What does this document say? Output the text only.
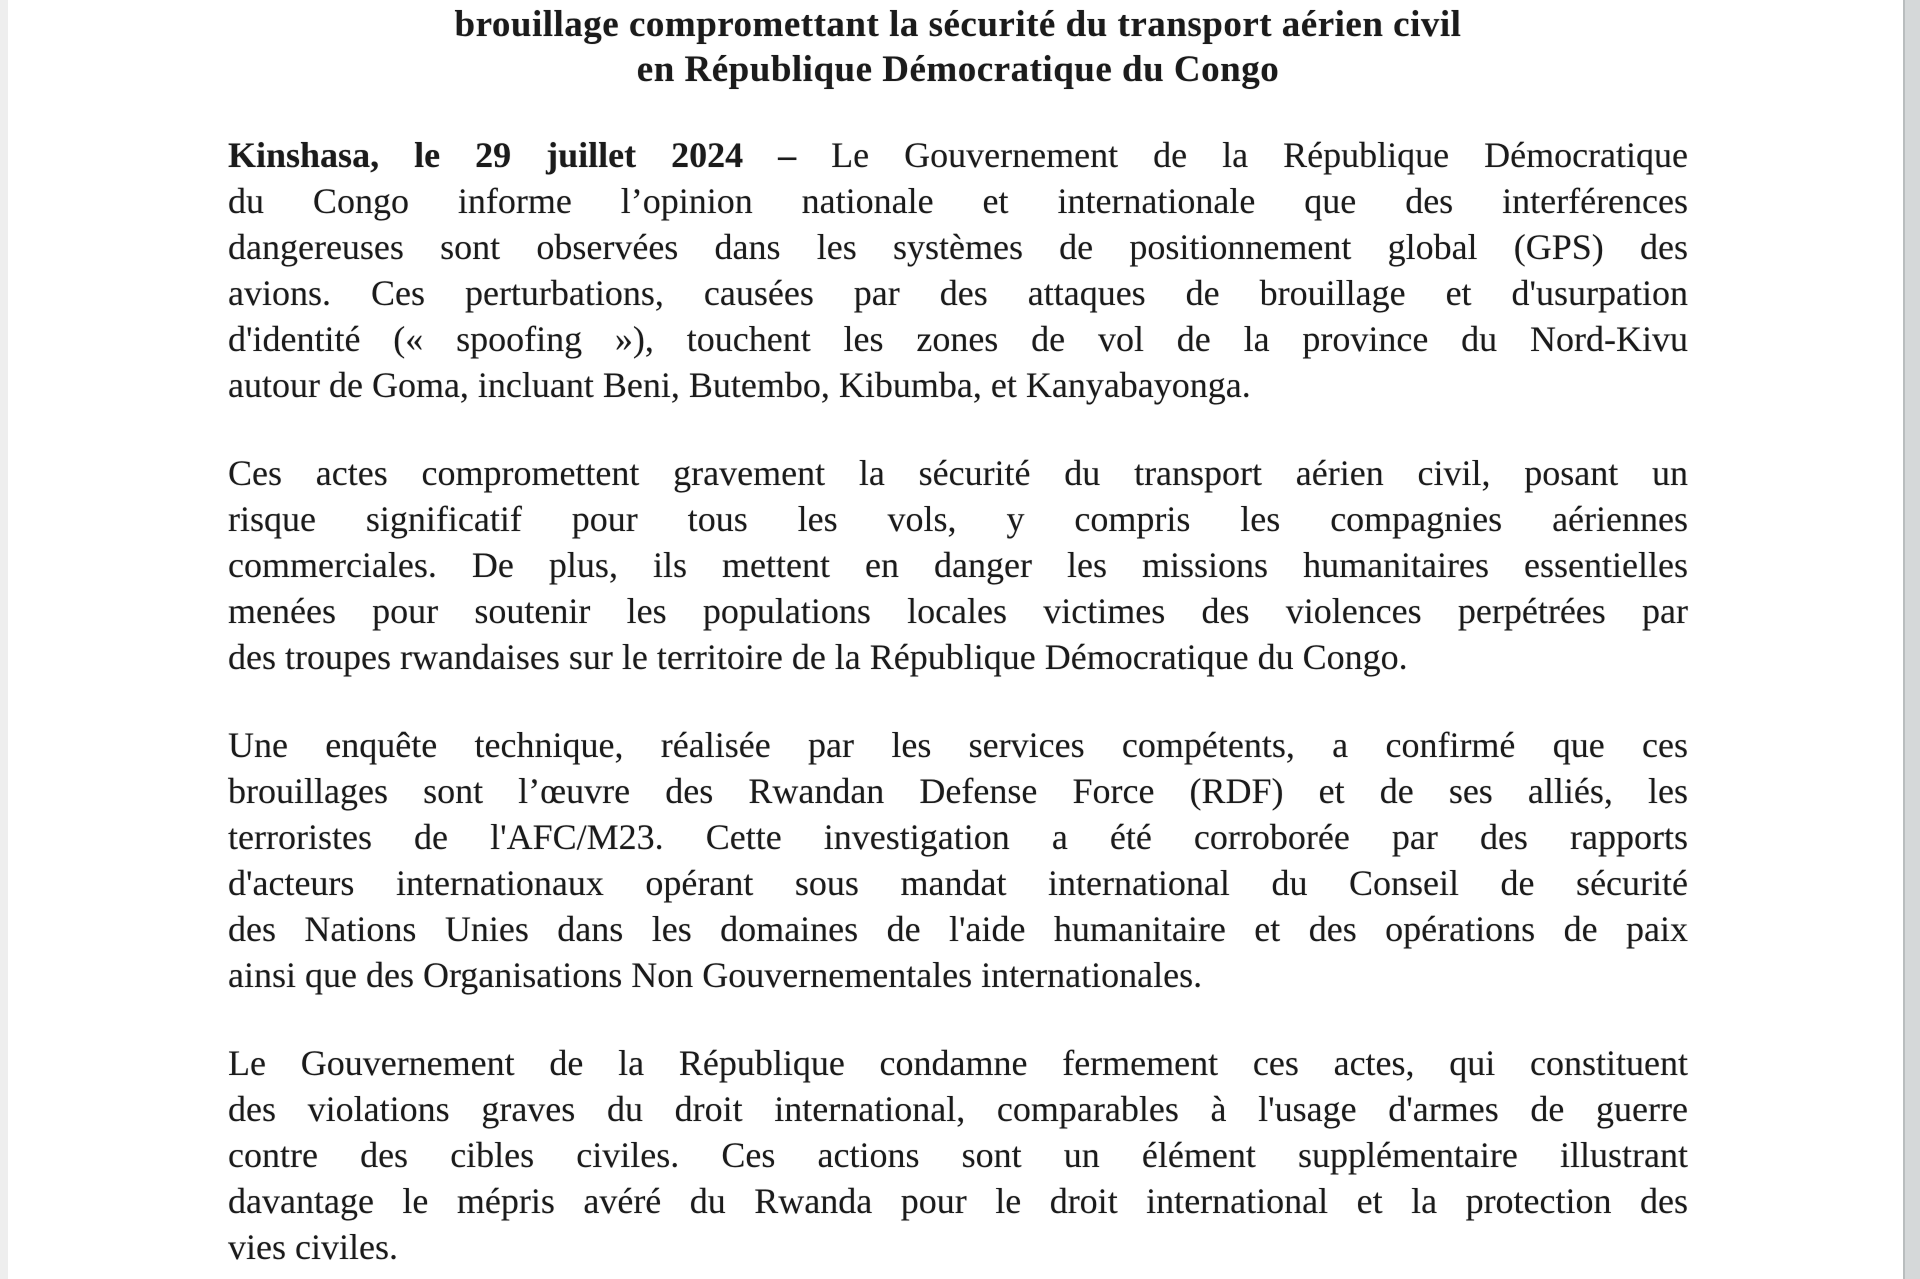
brouillage compromettant la sécurité du transport aérien civil
en République Démocratique du Congo
Kinshasa, le 29 juillet 2024 – Le Gouvernement de la République Démocratique
du Congo informe l’opinion nationale et internationale que des interférences
dangereuses sont observées dans les systèmes de positionnement global (GPS) des
avions. Ces perturbations, causées par des attaques de brouillage et d'usurpation
d'identité (« spoofing »), touchent les zones de vol de la province du Nord-Kivu
autour de Goma, incluant Beni, Butembo, Kibumba, et Kanyabayonga.
Ces actes compromettent gravement la sécurité du transport aérien civil, posant un
risque significatif pour tous les vols, y compris les compagnies aériennes
commerciales. De plus, ils mettent en danger les missions humanitaires essentielles
menées pour soutenir les populations locales victimes des violences perpétrées par
des troupes rwandaises sur le territoire de la République Démocratique du Congo.
Une enquête technique, réalisée par les services compétents, a confirmé que ces
brouillages sont l’œuvre des Rwandan Defense Force (RDF) et de ses alliés, les
terroristes de l'AFC/M23. Cette investigation a été corroborée par des rapports
d'acteurs internationaux opérant sous mandat international du Conseil de sécurité
des Nations Unies dans les domaines de l'aide humanitaire et des opérations de paix
ainsi que des Organisations Non Gouvernementales internationales.
Le Gouvernement de la République condamne fermement ces actes, qui constituent
des violations graves du droit international, comparables à l'usage d'armes de guerre
contre des cibles civiles. Ces actions sont un élément supplémentaire illustrant
davantage le mépris avéré du Rwanda pour le droit international et la protection des
vies civiles.
